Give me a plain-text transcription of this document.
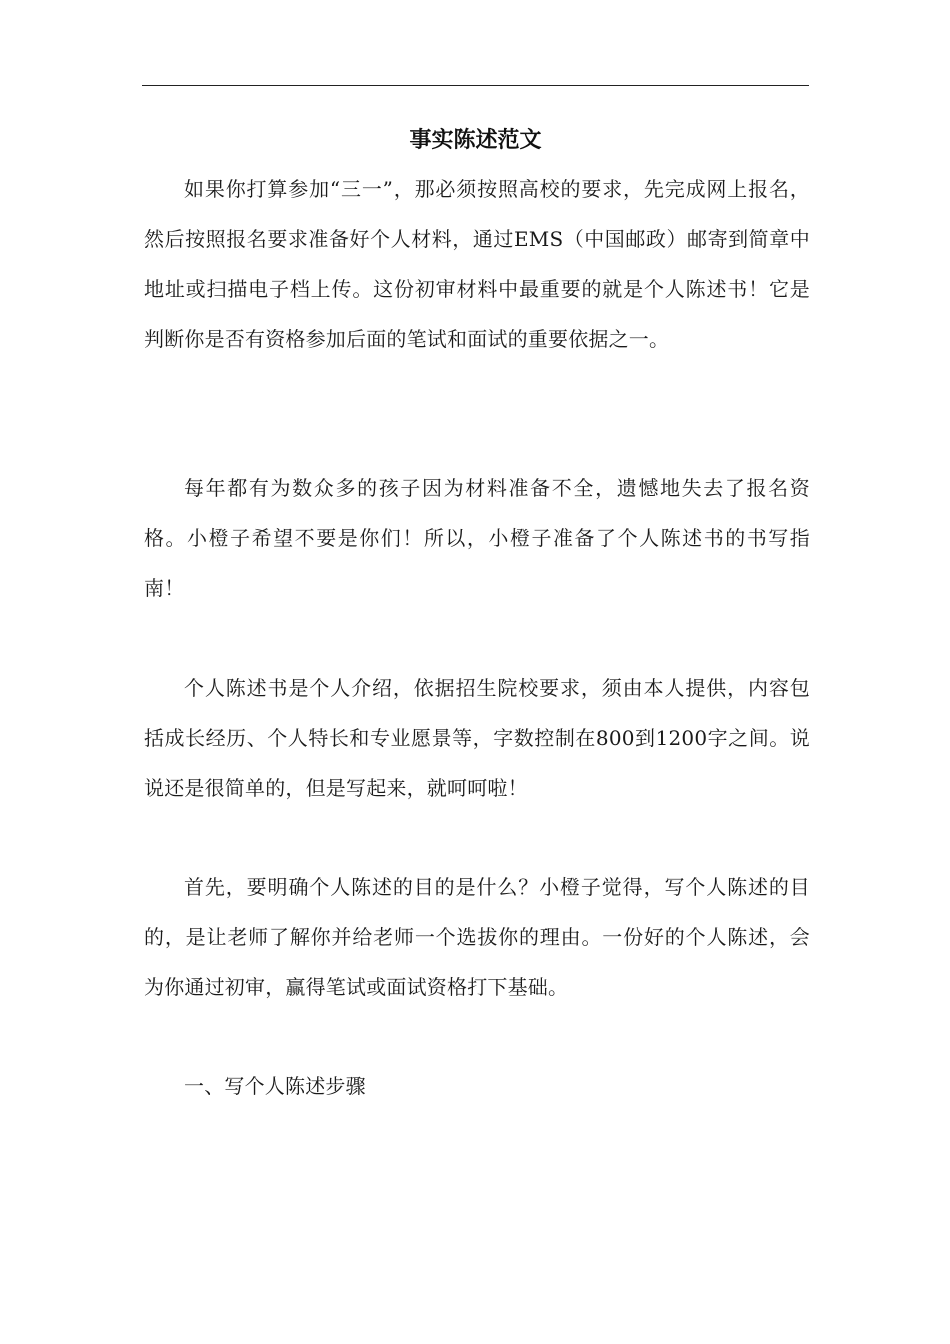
事实陈述范文

如果你打算参加“三一”，那必须按照高校的要求，先完成网上报名，然后按照报名要求准备好个人材料，通过EMS（中国邮政）邮寄到简章中地址或扫描电子档上传。这份初审材料中最重要的就是个人陈述书！它是判断你是否有资格参加后面的笔试和面试的重要依据之一。

每年都有为数众多的孩子因为材料准备不全，遗憾地失去了报名资格。小橙子希望不要是你们！所以，小橙子准备了个人陈述书的书写指南！

个人陈述书是个人介绍，依据招生院校要求，须由本人提供，内容包括成长经历、个人特长和专业愿景等，字数控制在800到1200字之间。说说还是很简单的，但是写起来，就呵呵啦！

首先，要明确个人陈述的目的是什么？小橙子觉得，写个人陈述的目的，是让老师了解你并给老师一个选拔你的理由。一份好的个人陈述，会为你通过初审，赢得笔试或面试资格打下基础。

一、写个人陈述步骤
